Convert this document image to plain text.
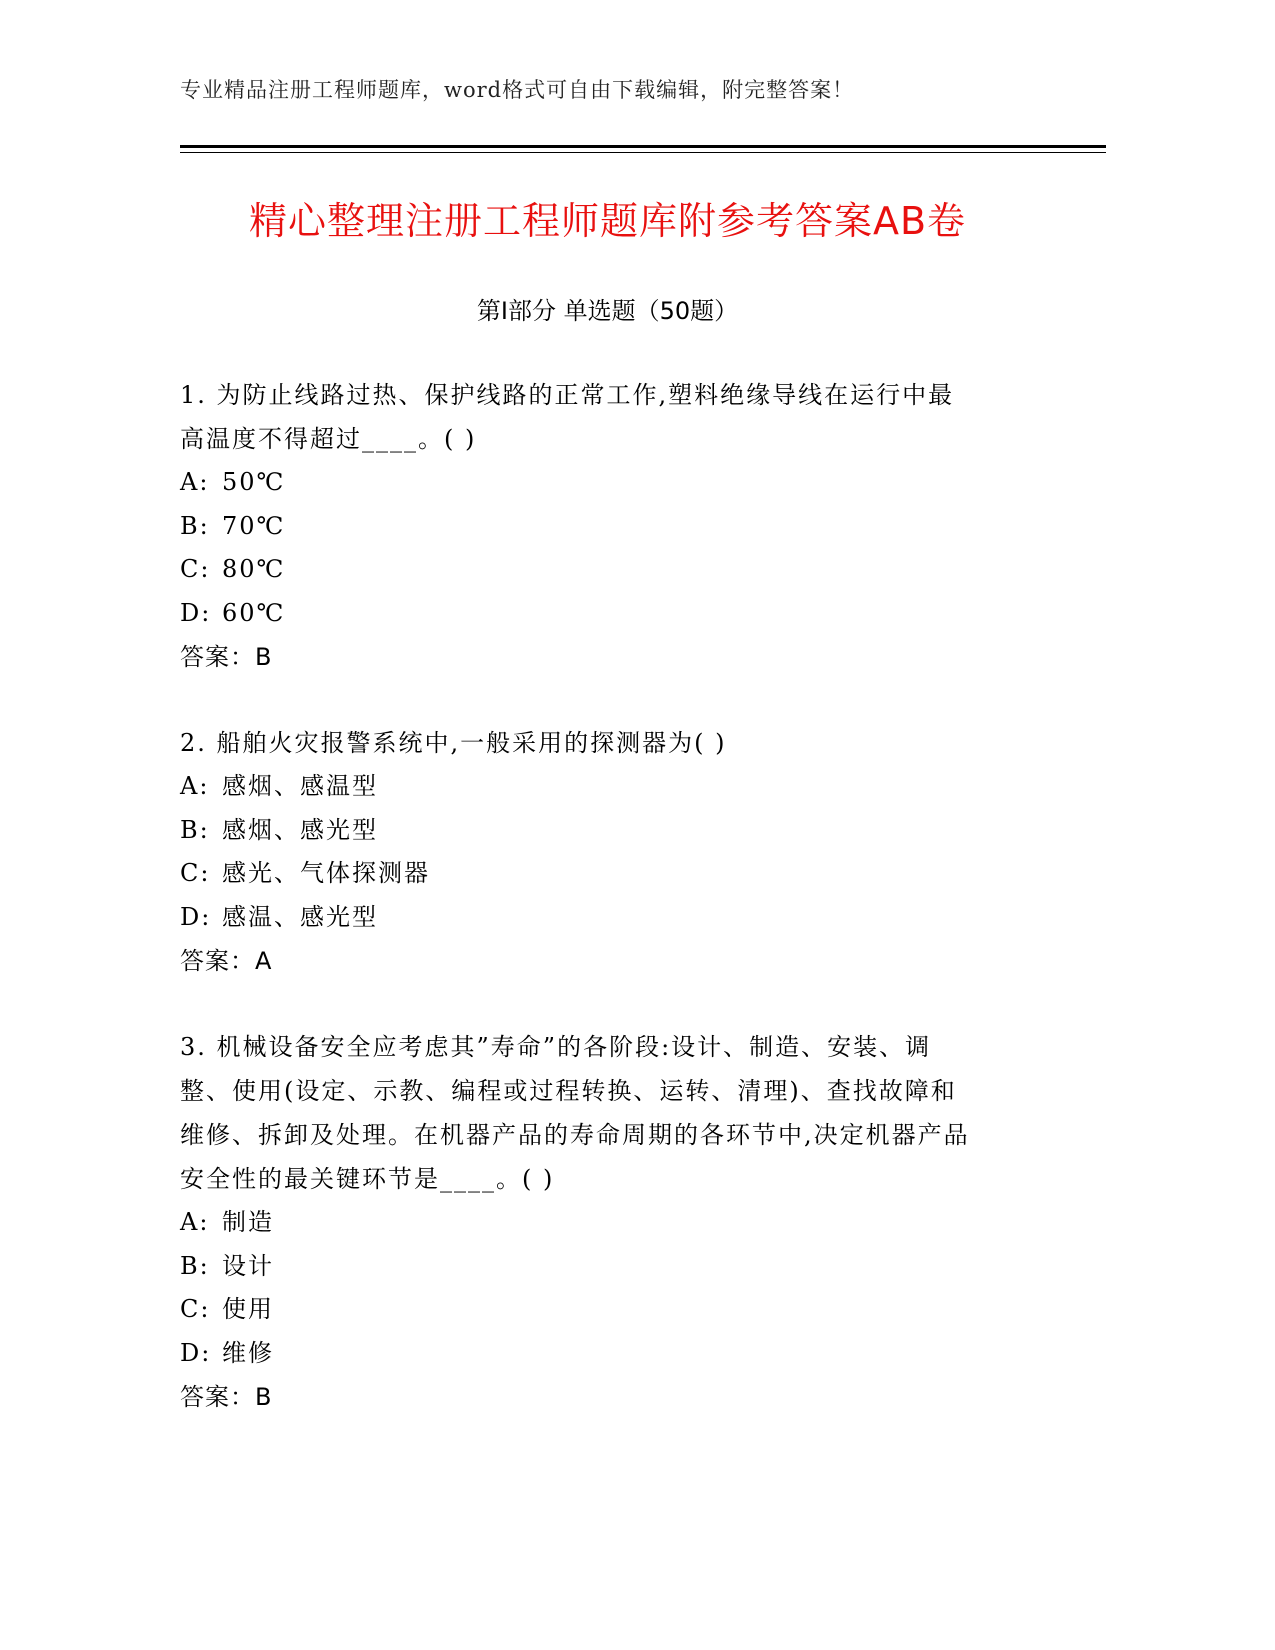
专业精品注册工程师题库，word格式可自由下载编辑，附完整答案！
精心整理注册工程师题库附参考答案AB卷
第Ⅰ部分 单选题（50题）
1. 为防止线路过热、保护线路的正常工作,塑料绝缘导线在运行中最
高温度不得超过____。( )
A: 50℃
B: 70℃
C: 80℃
D: 60℃
答案：B
2. 船舶火灾报警系统中,一般采用的探测器为( )
A: 感烟、感温型
B: 感烟、感光型
C: 感光、气体探测器
D: 感温、感光型
答案：A
3. 机械设备安全应考虑其”寿命”的各阶段:设计、制造、安装、调
整、使用(设定、示教、编程或过程转换、运转、清理)、查找故障和
维修、拆卸及处理。在机器产品的寿命周期的各环节中,决定机器产品
安全性的最关键环节是____。( )
A: 制造
B: 设计
C: 使用
D: 维修
答案：B
